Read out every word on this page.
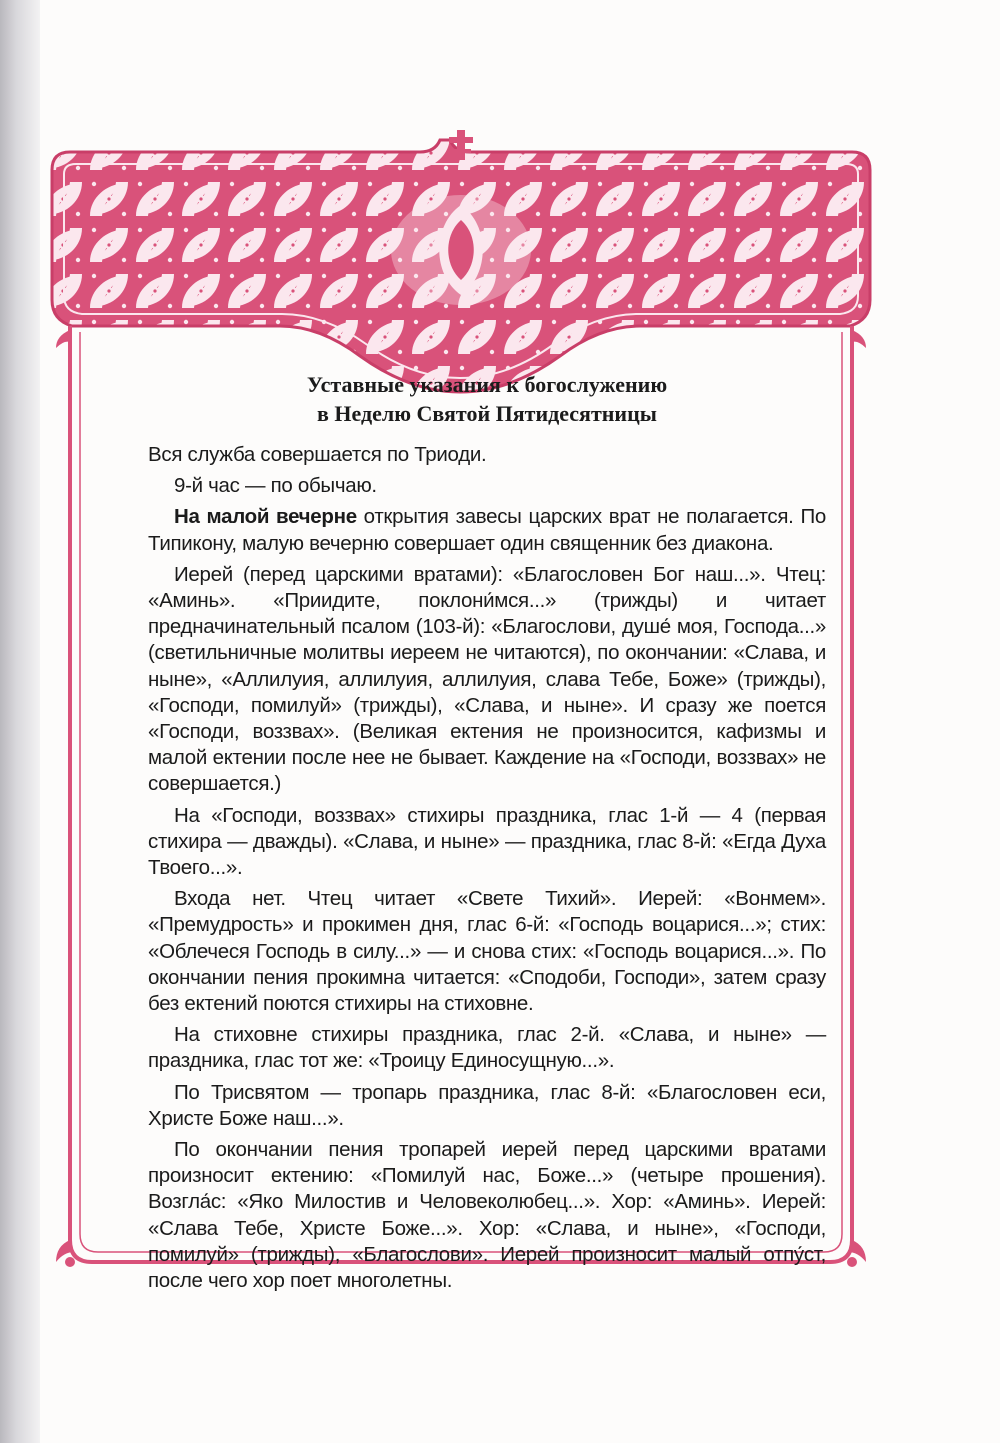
Уставные указания к богослужению
в Неделю Святой Пятидесятницы

Вся служба совершается по Триоди.

9-й час — по обычаю.

На малой вечерне открытия завесы царских врат не полагается. По Типикону, малую вечерню совершает один священник без диакона.

Иерей (перед царскими вратами): «Благословен Бог наш...». Чтец: «Аминь». «Приидите, поклони́мся...» (трижды) и читает предначинательный псалом (103-й): «Благослови, душе́ моя, Господа...» (светильничные молитвы иереем не читаются), по окончании: «Слава, и ныне», «Аллилуия, аллилуия, аллилуия, слава Тебе, Боже» (трижды), «Господи, помилуй» (трижды), «Слава, и ныне». И сразу же поется «Господи, воззвах». (Великая ектения не произносится, кафизмы и малой ектении после нее не бывает. Каждение на «Господи, воззвах» не совершается.)

На «Господи, воззвах» стихиры праздника, глас 1-й — 4 (первая стихира — дважды). «Слава, и ныне» — праздника, глас 8-й: «Егда Духа Твоего...».

Входа нет. Чтец читает «Свете Тихий». Иерей: «Вонмем». «Премудрость» и прокимен дня, глас 6-й: «Господь воцарися...»; стих: «Облечеся Господь в силу...» — и снова стих: «Господь воцарися...». По окончании пения прокимна читается: «Сподоби, Господи», затем сразу без ектений поются стихиры на стиховне.

На стиховне стихиры праздника, глас 2-й. «Слава, и ныне» — праздника, глас тот же: «Троицу Единосущную...».

По Трисвятом — тропарь праздника, глас 8-й: «Благословен еси, Христе Боже наш...».

По окончании пения тропарей иерей перед царскими вратами произносит ектению: «Помилуй нас, Боже...» (четыре прошения). Возгла́с: «Яко Милостив и Человеколюбец...». Хор: «Аминь». Иерей: «Слава Тебе, Христе Боже...». Хор: «Слава, и ныне», «Господи, помилуй» (трижды), «Благослови». Иерей произносит малый отпу́ст, после чего хор поет многолетны.
